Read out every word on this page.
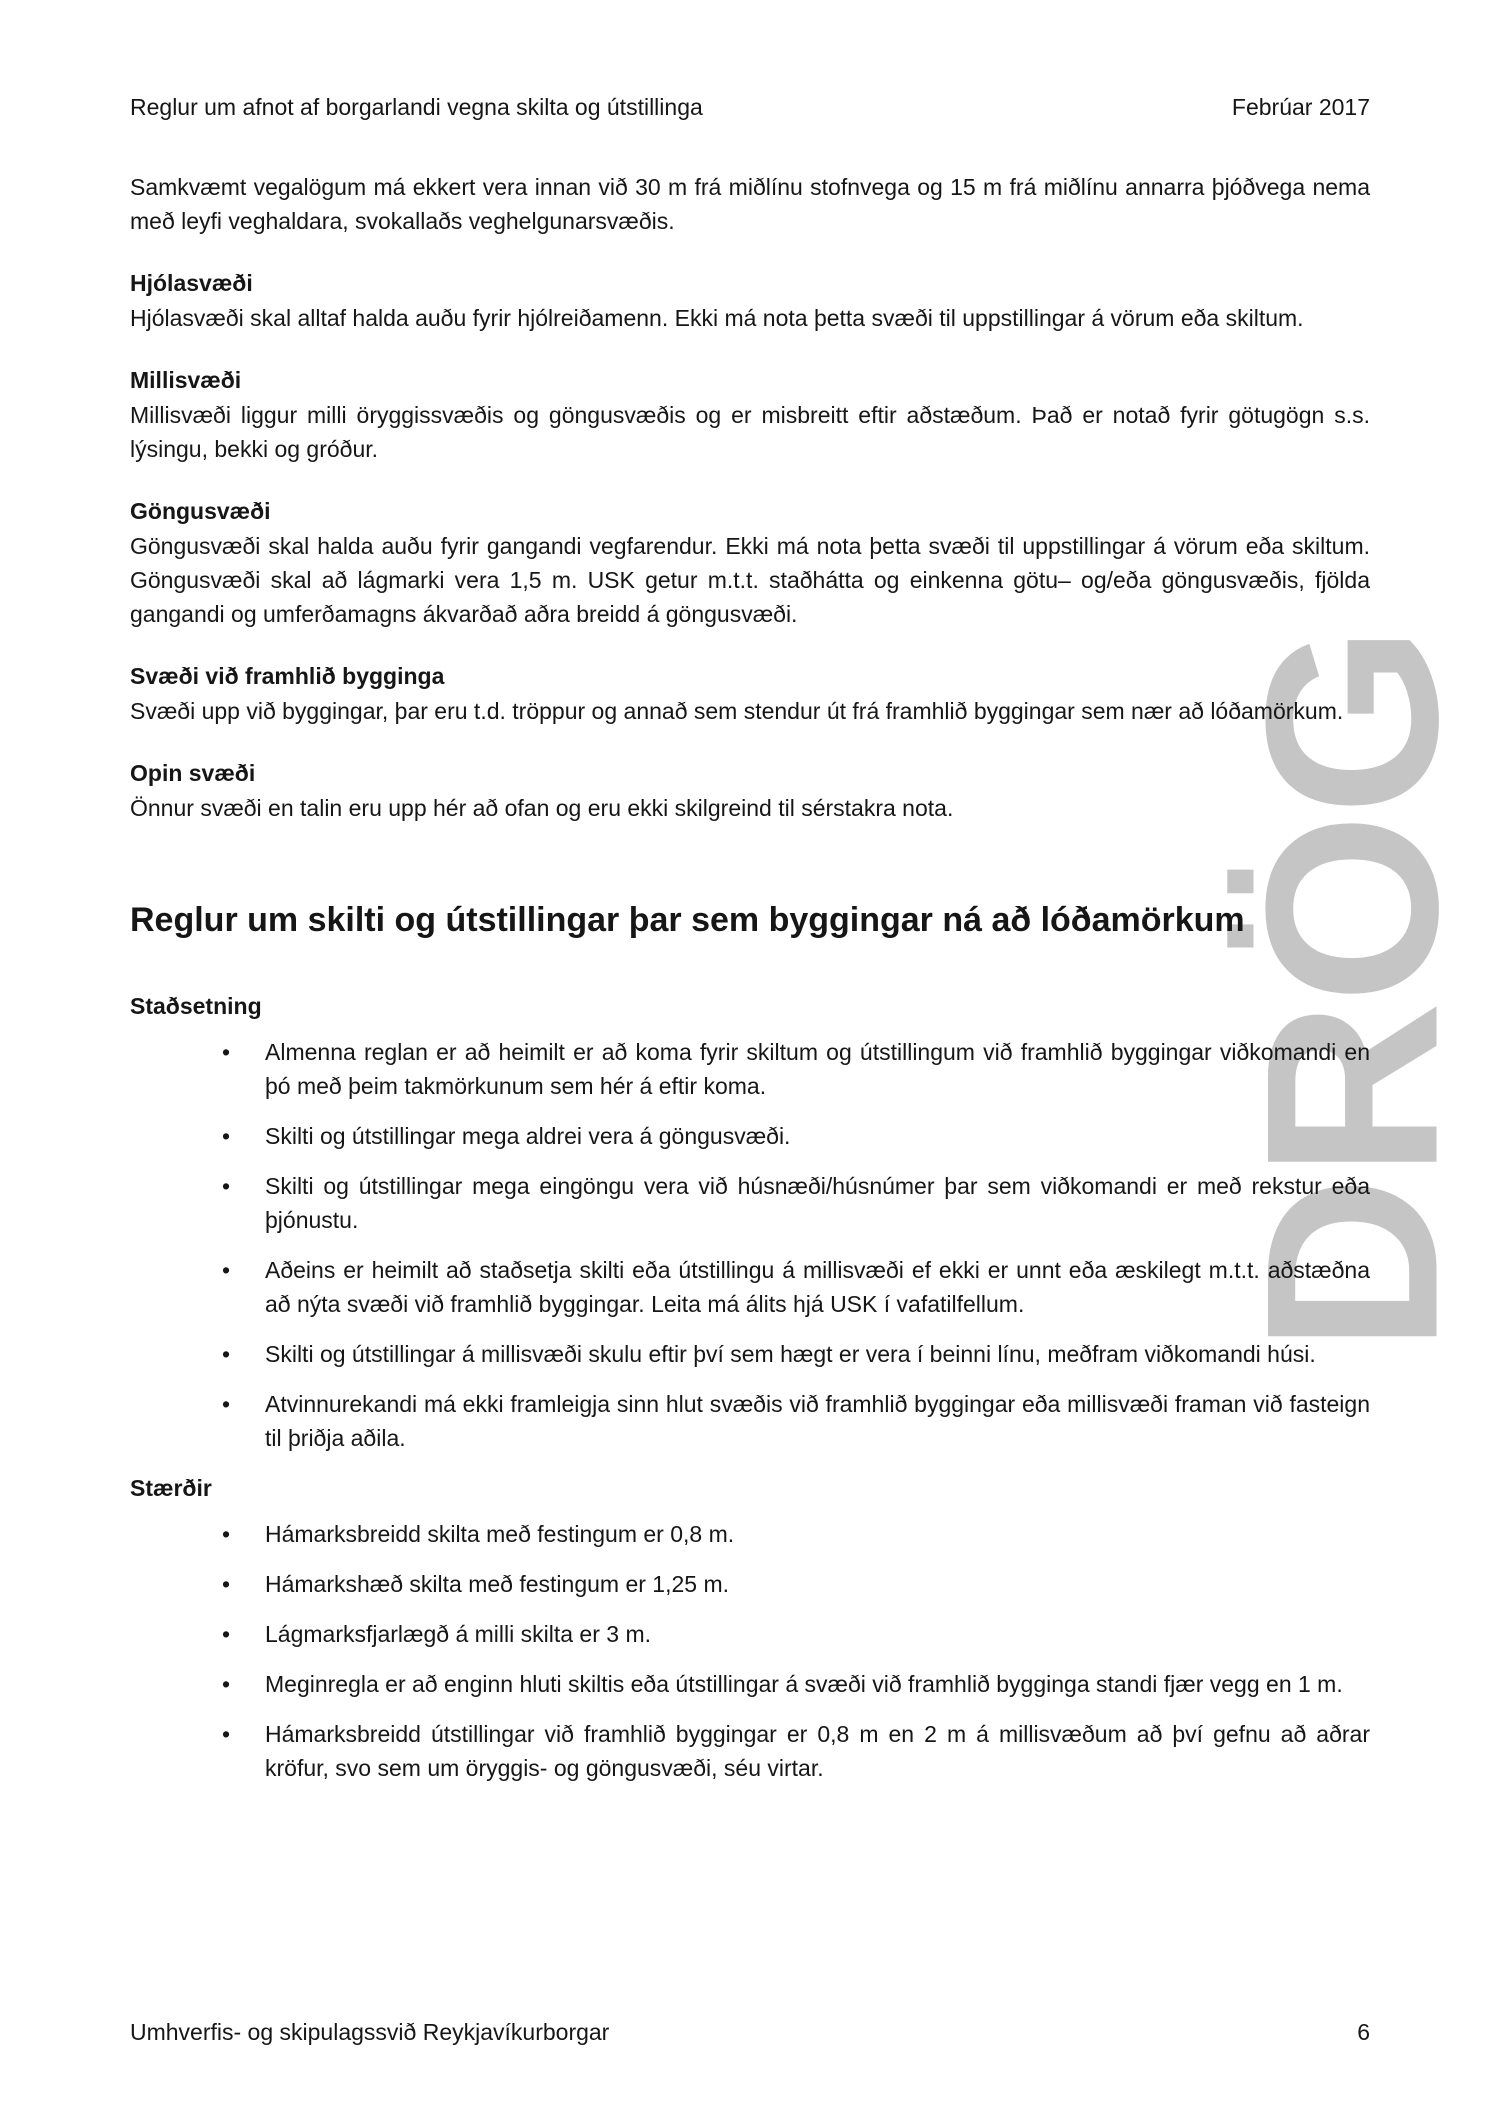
DRÖG
Reglur um afnot af borgarlandi vegna skilta og útstillinga	Febrúar 2017

Samkvæmt vegalögum má ekkert vera innan við 30 m frá miðlínu stofnvega og 15 m frá miðlínu annarra þjóðvega nema með leyfi veghaldara, svokallaðs veghelgunarsvæðis.

Hjólasvæði

Hjólasvæði skal alltaf halda auðu fyrir hjólreiðamenn. Ekki má nota þetta svæði til uppstillingar á vörum eða skiltum.

Millisvæði

Millisvæði liggur milli öryggissvæðis og göngusvæðis og er misbreitt eftir aðstæðum. Það er notað fyrir götugögn s.s. lýsingu, bekki og gróður.

Göngusvæði

Göngusvæði skal halda auðu fyrir gangandi vegfarendur. Ekki má nota þetta svæði til uppstillingar á vörum eða skiltum. Göngusvæði skal að lágmarki vera 1,5 m. USK getur m.t.t. staðhátta og einkenna götu– og/eða göngusvæðis, fjölda gangandi og umferðamagns ákvarðað aðra breidd á göngusvæði.

Svæði við framhlið bygginga

Svæði upp við byggingar, þar eru t.d. tröppur og annað sem stendur út frá framhlið byggingar sem nær að lóðamörkum.

Opin svæði

Önnur svæði en talin eru upp hér að ofan og eru ekki skilgreind til sérstakra nota.

Reglur um skilti og útstillingar þar sem byggingar ná að lóðamörkum
Staðsetning
• Almenna reglan er að heimilt er að koma fyrir skiltum og útstillingum við framhlið byggingar viðkomandi en þó með þeim takmörkunum sem hér á eftir koma.
• Skilti og útstillingar mega aldrei vera á göngusvæði.
• Skilti og útstillingar mega eingöngu vera við húsnæði/húsnúmer þar sem viðkomandi er með rekstur eða þjónustu.
• Aðeins er heimilt að staðsetja skilti eða útstillingu á millisvæði ef ekki er unnt eða æskilegt m.t.t. aðstæðna að nýta svæði við framhlið byggingar. Leita má álits hjá USK í vafatilfellum.
• Skilti og útstillingar á millisvæði skulu eftir því sem hægt er vera í beinni línu, meðfram viðkomandi húsi.
• Atvinnurekandi má ekki framleigja sinn hlut svæðis við framhlið byggingar eða millisvæði framan við fasteign til þriðja aðila.
Stærðir
• Hámarksbreidd skilta með festingum er 0,8 m.
• Hámarkshæð skilta með festingum er 1,25 m.
• Lágmarksfjarlægð á milli skilta er 3 m.
• Meginregla er að enginn hluti skiltis eða útstillingar á svæði við framhlið bygginga standi fjær vegg en 1 m.
• Hámarksbreidd útstillingar við framhlið byggingar er 0,8 m en 2 m á millisvæðum að því gefnu að aðrar kröfur, svo sem um öryggis- og göngusvæði, séu virtar.
Umhverfis- og skipulagssvið Reykjavíkurborgar	6
